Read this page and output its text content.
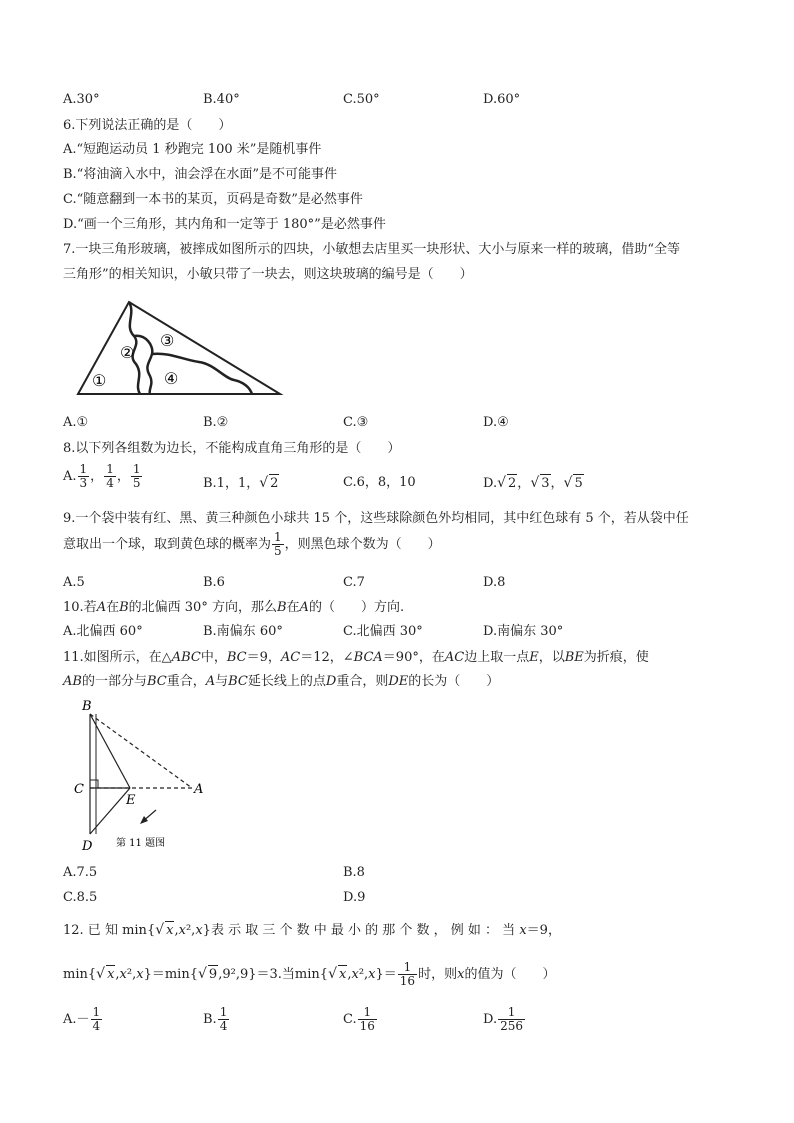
A.30°	B.40°	C.50°	D.60°
6.下列说法正确的是（　　）
A.“短跑运动员 1 秒跑完 100 米”是随机事件
B.“将油滴入水中，油会浮在水面”是不可能事件
C.“随意翻到一本书的某页，页码是奇数”是必然事件
D.“画一个三角形，其内角和一定等于 180°”是必然事件
7.一块三角形玻璃，被摔成如图所示的四块，小敏想去店里买一块形状、大小与原来一样的玻璃，借助“全等
三角形”的相关知识，小敏只带了一块去，则这块玻璃的编号是（　　）
①
②
③
④
A.①	B.②	C.③	D.④
8.以下列各组数为边长，不能构成直角三角形的是（　　）
A. $\frac{1}{3}$ ， $\frac{1}{4}$ ， $\frac{1}{5}$	B.1，1，√ 2	C.6，8，10	D.√ 2，√ 3，√ 5
9.一个袋中装有红、黑、黄三种颜色小球共 15 个，这些球除颜色外均相同，其中红色球有 5 个，若从袋中任
意取出一个球，取到黄色球的概率为 $\frac{1}{5}$ ，则黑色球个数为（　　）
A.5	B.6	C.7	D.8
10.若A在B的北偏西 30° 方向，那么B在A的（　　）方向.
A.北偏西 60°	B.南偏东 60°	C.北偏西 30°	D.南偏东 30°
11.如图所示，在△ABC中，BC＝9，AC＝12，∠BCA＝90°，在AC边上取一点E，以BE为折痕，使
AB的一部分与BC重合，A与BC延长线上的点D重合，则DE的长为（　　）
B
C
E
A
D 第 11 题图
A.7.5	B.8
C.8.5	D.9
12. 已 知 min{√ x,x²,x}表 示 取 三 个 数 中 最 小 的 那 个 数 ， 例 如 ： 当 x＝9，
min{√ x,x²,x}＝min{√ 9,9²,9}＝3.当min{√ $x,x^2,x\}= \frac{1}{16}$ 时，则x的值为（　　）
$A.- \frac{1}{4}$	B. $\frac{1}{4}$	C. $\frac{1}{16}$	D. $\frac{1}{256}$
